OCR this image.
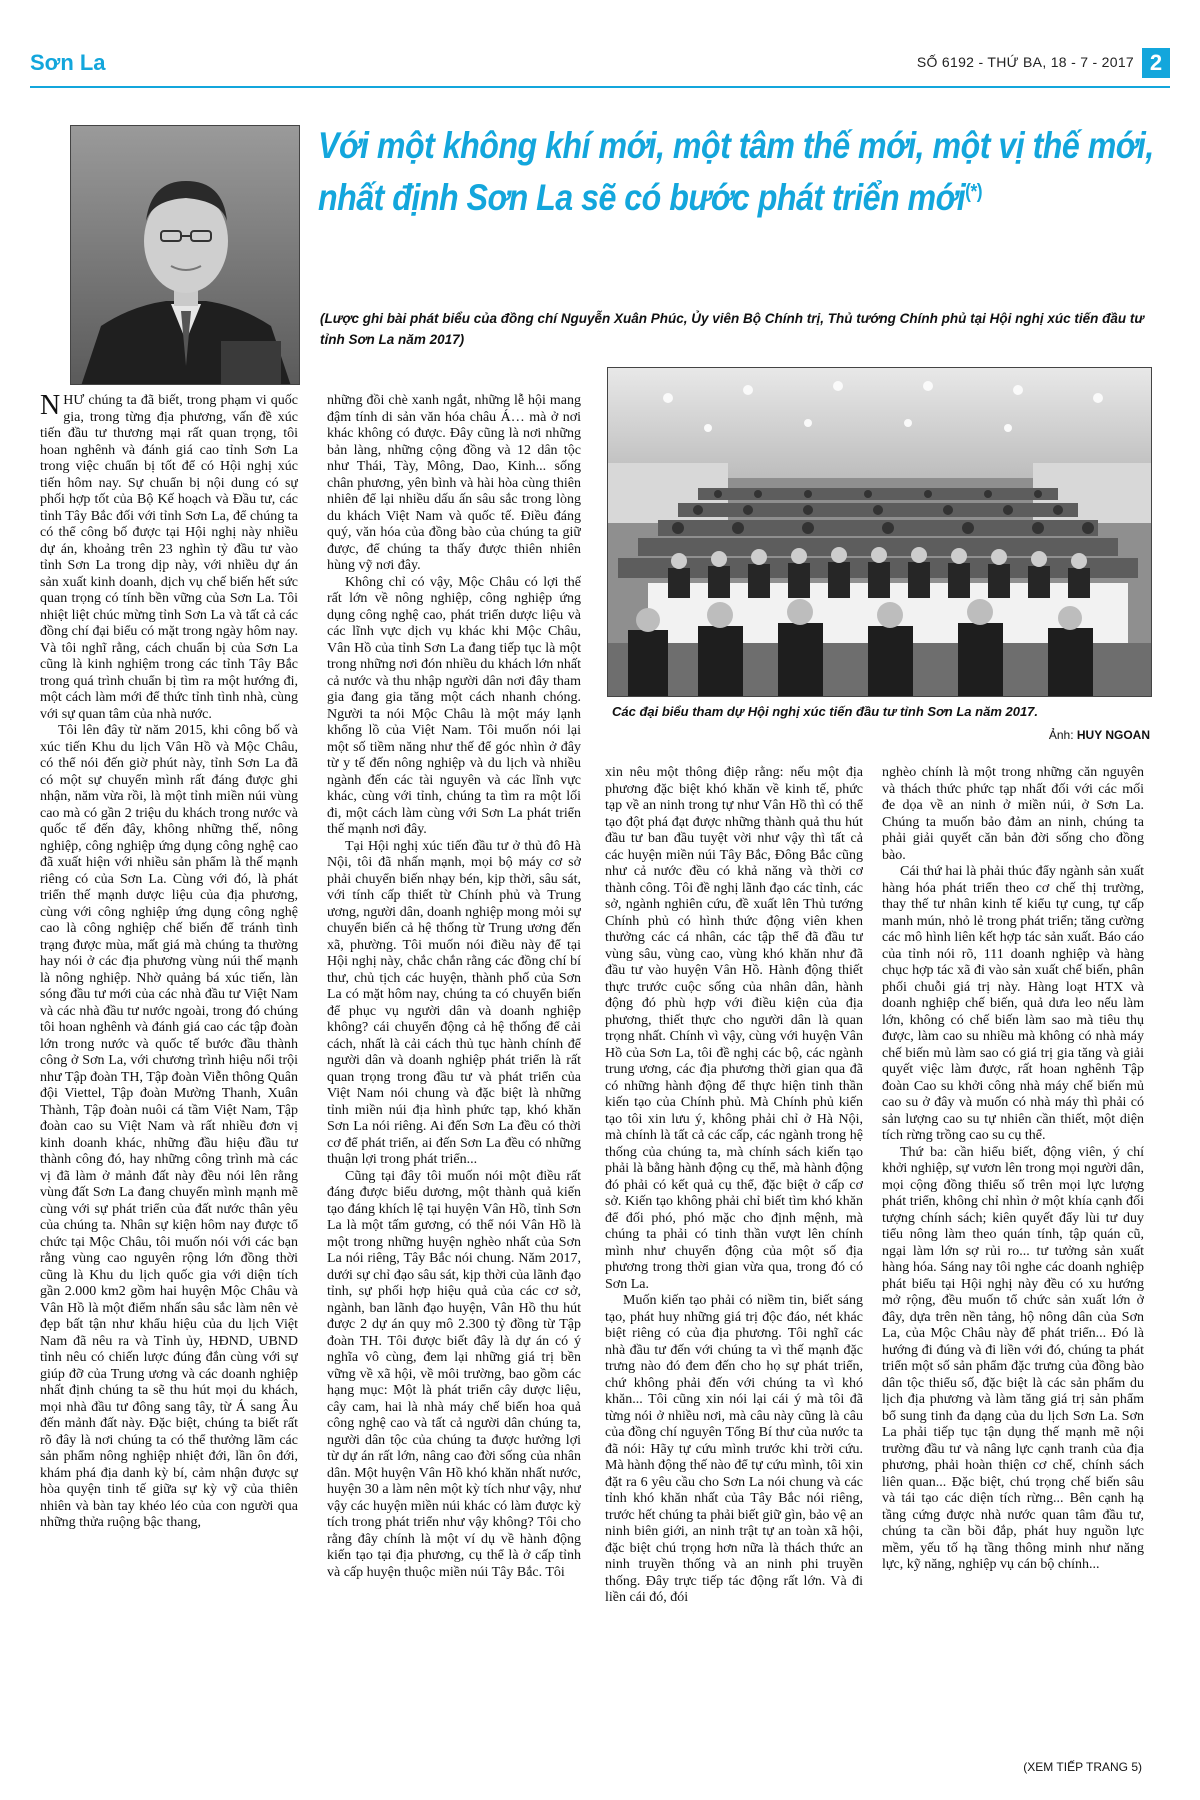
Sơn La	SỐ 6192 - THỨ BA, 18 - 7 - 2017 2
Với một không khí mới, một tâm thế mới, một vị thế mới,
nhất định Sơn La sẽ có bước phát triển mới(*)
(Lược ghi bài phát biểu của đồng chí Nguyễn Xuân Phúc, Ủy viên Bộ Chính trị, Thủ tướng Chính phủ tại Hội nghị xúc tiến đầu tư tỉnh Sơn La năm 2017)

NHƯ chúng ta đã biết, trong phạm vi quốc gia, trong từng địa phương, vấn đề xúc tiến đầu tư thương mại rất quan trọng, tôi hoan nghênh và đánh giá cao tỉnh Sơn La trong việc chuẩn bị tốt để có Hội nghị xúc tiến hôm nay. Sự chuẩn bị nội dung có sự phối hợp tốt của Bộ Kế hoạch và Đầu tư, các tỉnh Tây Bắc đối với tỉnh Sơn La, để chúng ta có thể công bố được tại Hội nghị này nhiều dự án, khoảng trên 23 nghìn tỷ đầu tư vào tỉnh Sơn La trong dịp này, với nhiều dự án sản xuất kinh doanh, dịch vụ chế biến hết sức quan trọng có tính bền vững của Sơn La. Tôi nhiệt liệt chúc mừng tỉnh Sơn La và tất cả các đồng chí đại biểu có mặt trong ngày hôm nay. Và tôi nghĩ rằng, cách chuẩn bị của Sơn La cũng là kinh nghiệm trong các tỉnh Tây Bắc trong quá trình chuẩn bị tìm ra một hướng đi, một cách làm mới để thức tỉnh tình nhà, cùng với sự quan tâm của nhà nước.

Tôi lên đây từ năm 2015, khi công bố và xúc tiến Khu du lịch Vân Hồ và Mộc Châu, có thể nói đến giờ phút này, tỉnh Sơn La đã có một sự chuyển mình rất đáng được ghi nhận, năm vừa rồi, là một tỉnh miền núi vùng cao mà có gần 2 triệu du khách trong nước và quốc tế đến đây, không những thế, nông nghiệp, công nghiệp ứng dụng công nghệ cao đã xuất hiện với nhiều sản phẩm là thế mạnh riêng có của Sơn La. Cùng với đó, là phát triển thế mạnh dược liệu của địa phương, cùng với công nghiệp ứng dụng công nghệ cao là công nghiệp chế biến để tránh tình trạng được mùa, mất giá mà chúng ta thường hay nói ở các địa phương vùng núi thế mạnh là nông nghiệp. Nhờ quảng bá xúc tiến, làn sóng đầu tư mới của các nhà đầu tư Việt Nam và các nhà đầu tư nước ngoài, trong đó chúng tôi hoan nghênh và đánh giá cao các tập đoàn lớn trong nước và quốc tế bước đầu thành công ở Sơn La, với chương trình hiệu nổi trội như Tập đoàn TH, Tập đoàn Viễn thông Quân đội Viettel, Tập đoàn Mường Thanh, Xuân Thành, Tập đoàn nuôi cá tầm Việt Nam, Tập đoàn cao su Việt Nam và rất nhiều đơn vị kinh doanh khác, những đầu hiệu đầu tư thành công đó, hay những công trình mà các vị đã làm ở mảnh đất này đều nói lên rằng vùng đất Sơn La đang chuyển mình mạnh mẽ cùng với sự phát triển của đất nước thân yêu của chúng ta. Nhân sự kiện hôm nay được tổ chức tại Mộc Châu, tôi muốn nói với các bạn rằng vùng cao nguyên rộng lớn đồng thời cũng là Khu du lịch quốc gia với diện tích gần 2.000 km2 gồm hai huyện Mộc Châu và Vân Hồ là một điểm nhấn sâu sắc làm nên vẻ đẹp bất tận như khẩu hiệu của du lịch Việt Nam đã nêu ra và Tỉnh ủy, HĐND, UBND tỉnh nêu có chiến lược đúng đắn cùng với sự giúp đỡ của Trung ương và các doanh nghiệp nhất định chúng ta sẽ thu hút mọi du khách, mọi nhà đầu tư đông sang tây, từ Á sang Âu đến mảnh đất này. Đặc biệt, chúng ta biết rất rõ đây là nơi chúng ta có thể thưởng lãm các sản phẩm nông nghiệp nhiệt đới, lần ôn đới, khám phá địa danh kỳ bí, cảm nhận được sự hòa quyện tinh tế giữa sự kỳ vỹ của thiên nhiên và bàn tay khéo léo của con người qua những thửa ruộng bậc thang,

những đồi chè xanh ngắt, những lễ hội mang đậm tính di sản văn hóa châu Á… mà ở nơi khác không có được. Đây cũng là nơi những bản làng, những cộng đồng và 12 dân tộc như Thái, Tày, Mông, Dao, Kinh... sống chân phương, yên bình và hài hòa cùng thiên nhiên để lại nhiều dấu ấn sâu sắc trong lòng du khách Việt Nam và quốc tế. Điều đáng quý, văn hóa của đồng bào của chúng ta giữ được, để chúng ta thấy được thiên nhiên hùng vỹ nơi đây.

Không chỉ có vậy, Mộc Châu có lợi thế rất lớn về nông nghiệp, công nghiệp ứng dụng công nghệ cao, phát triển dược liệu và các lĩnh vực dịch vụ khác khi Mộc Châu, Vân Hồ của tỉnh Sơn La đang tiếp tục là một trong những nơi đón nhiều du khách lớn nhất cả nước và thu nhập người dân nơi đây tham gia đang gia tăng một cách nhanh chóng. Người ta nói Mộc Châu là một máy lạnh khổng lồ của Việt Nam. Tôi muốn nói lại một số tiềm năng như thế để góc nhìn ở đây từ y tế đến nông nghiệp và du lịch và nhiều ngành đến các tài nguyên và các lĩnh vực khác, cùng với tỉnh, chúng ta tìm ra một lối đi, một cách làm cùng với Sơn La phát triển thế mạnh nơi đây.

Tại Hội nghị xúc tiến đầu tư ở thủ đô Hà Nội, tôi đã nhấn mạnh, mọi bộ máy cơ sở phải chuyển biến nhạy bén, kịp thời, sâu sát, với tính cấp thiết từ Chính phủ và Trung ương, người dân, doanh nghiệp mong mỏi sự chuyển biến cả hệ thống từ Trung ương đến xã, phường. Tôi muốn nói điều này để tại Hội nghị này, chắc chắn rằng các đồng chí bí thư, chủ tịch các huyện, thành phố của Sơn La có mặt hôm nay, chúng ta có chuyển biến để phục vụ người dân và doanh nghiệp không? cái chuyển động cả hệ thống để cải cách, nhất là cải cách thủ tục hành chính để người dân và doanh nghiệp phát triển là rất quan trọng trong đầu tư và phát triển của Việt Nam nói chung và đặc biệt là những tỉnh miền núi địa hình phức tạp, khó khăn Sơn La nói riêng. Ai đến Sơn La đều có thời cơ để phát triển, ai đến Sơn La đều có những thuận lợi trong phát triển...

Cũng tại đây tôi muốn nói một điều rất đáng được biểu dương, một thành quả kiến tạo đáng khích lệ tại huyện Vân Hồ, tỉnh Sơn La là một tấm gương, có thể nói Vân Hồ là một trong những huyện nghèo nhất của Sơn La nói riêng, Tây Bắc nói chung. Năm 2017, dưới sự chỉ đạo sâu sát, kịp thời của lãnh đạo tỉnh, sự phối hợp hiệu quả của các cơ sở, ngành, ban lãnh đạo huyện, Vân Hồ thu hút được 2 dự án quy mô 2.300 tỷ đồng từ Tập đoàn TH. Tôi được biết đây là dự án có ý nghĩa vô cùng, đem lại những giá trị bền vững về xã hội, về môi trường, bao gồm các hạng mục: Một là phát triển cây dược liệu, cây cam, hai là nhà máy chế biến hoa quả công nghệ cao và tất cả người dân chúng ta, người dân tộc của chúng ta được hưởng lợi từ dự án rất lớn, nâng cao đời sống của nhân dân. Một huyện Vân Hồ khó khăn nhất nước, huyện 30 a làm nên một kỳ tích như vậy, như vậy các huyện miền núi khác có làm được kỳ tích trong phát triển như vậy không? Tôi cho rằng đây chính là một ví dụ về hành động kiến tạo tại địa phương, cụ thể là ở cấp tỉnh và cấp huyện thuộc miền núi Tây Bắc. Tôi

Các đại biểu tham dự Hội nghị xúc tiến đầu tư tỉnh Sơn La năm 2017.
Ảnh: HUY NGOAN

xin nêu một thông điệp rằng: nếu một địa phương đặc biệt khó khăn về kinh tế, phức tạp về an ninh trong tự như Vân Hồ thì có thể tạo đột phá đạt được những thành quả thu hút đầu tư ban đầu tuyệt vời như vậy thì tất cả các huyện miền núi Tây Bắc, Đông Bắc cũng như cả nước đều có khả năng và thời cơ thành công. Tôi đề nghị lãnh đạo các tỉnh, các sở, ngành nghiên cứu, đề xuất lên Thủ tướng Chính phủ có hình thức động viên khen thưởng các cá nhân, các tập thể đã đầu tư vùng sâu, vùng cao, vùng khó khăn như đã đầu tư vào huyện Vân Hồ. Hành động thiết thực trước cuộc sống của nhân dân, hành động đó phù hợp với điều kiện của địa phương, thiết thực cho người dân là quan trọng nhất. Chính vì vậy, cùng với huyện Vân Hồ của Sơn La, tôi đề nghị các bộ, các ngành trung ương, các địa phương thời gian qua đã có những hành động để thực hiện tinh thần kiến tạo của Chính phủ. Mà Chính phủ kiến tạo tôi xin lưu ý, không phải chỉ ở Hà Nội, mà chính là tất cả các cấp, các ngành trong hệ thống của chúng ta, mà chính sách kiến tạo phải là bằng hành động cụ thể, mà hành động đó phải có kết quả cụ thể, đặc biệt ở cấp cơ sở. Kiến tạo không phải chỉ biết tìm khó khăn để đối phó, phó mặc cho định mệnh, mà chúng ta phải có tinh thần vượt lên chính mình như chuyển động của một số địa phương trong thời gian vừa qua, trong đó có Sơn La.

Muốn kiến tạo phải có niềm tin, biết sáng tạo, phát huy những giá trị độc đáo, nét khác biệt riêng có của địa phương. Tôi nghĩ các nhà đầu tư đến với chúng ta vì thế mạnh đặc trưng nào đó đem đến cho họ sự phát triển, chứ không phải đến với chúng ta vì khó khăn... Tôi cũng xin nói lại cái ý mà tôi đã từng nói ở nhiều nơi, mà câu này cũng là câu của đồng chí nguyên Tổng Bí thư của nước ta đã nói: Hãy tự cứu mình trước khi trời cứu. Mà hành động thế nào để tự cứu mình, tôi xin đặt ra 6 yêu cầu cho Sơn La nói chung và các tỉnh khó khăn nhất của Tây Bắc nói riêng, trước hết chúng ta phải biết giữ gìn, bảo vệ an ninh biên giới, an ninh trật tự an toàn xã hội, đặc biệt chú trọng hơn nữa là thách thức an ninh truyền thống và an ninh phi truyền thống. Đây trực tiếp tác động rất lớn. Và đi liền cái đó, đói

nghèo chính là một trong những căn nguyên và thách thức phức tạp nhất đối với các mối đe dọa về an ninh ở miền núi, ở Sơn La. Chúng ta muốn bảo đảm an ninh, chúng ta phải giải quyết căn bản đời sống cho đồng bào.

Cái thứ hai là phải thúc đẩy ngành sản xuất hàng hóa phát triển theo cơ chế thị trường, thay thế tư nhân kinh tế kiểu tự cung, tự cấp manh mún, nhỏ lẻ trong phát triển; tăng cường các mô hình liên kết hợp tác sản xuất. Báo cáo của tỉnh nói rõ, 111 doanh nghiệp và hàng chục hợp tác xã đi vào sản xuất chế biến, phân phối chuỗi giá trị này. Hàng loạt HTX và doanh nghiệp chế biến, quả dưa leo nếu làm lớn, không có chế biến làm sao mà tiêu thụ được, làm cao su nhiều mà không có nhà máy chế biến mủ làm sao có giá trị gia tăng và giải quyết việc làm được, rất hoan nghênh Tập đoàn Cao su khởi công nhà máy chế biến mủ cao su ở đây và muốn có nhà máy thì phải có sản lượng cao su tự nhiên cần thiết, một diện tích rừng trồng cao su cụ thể.

Thứ ba: cần hiểu biết, động viên, ý chí khởi nghiệp, sự vươn lên trong mọi người dân, mọi cộng đồng thiểu số trên mọi lực lượng phát triển, không chỉ nhìn ở một khía cạnh đối tượng chính sách; kiên quyết đẩy lùi tư duy tiểu nông làm theo quán tính, tập quán cũ, ngại làm lớn sợ rủi ro... tư tưởng sản xuất hàng hóa. Sáng nay tôi nghe các doanh nghiệp phát biểu tại Hội nghị này đều có xu hướng mở rộng, đều muốn tổ chức sản xuất lớn ở đây, dựa trên nền tảng, hộ nông dân của Sơn La, của Mộc Châu này để phát triển... Đó là hướng đi đúng và đi liền với đó, chúng ta phát triển một số sản phẩm đặc trưng của đồng bào dân tộc thiểu số, đặc biệt là các sản phẩm du lịch địa phương và làm tăng giá trị sản phẩm bổ sung tinh đa dạng của du lịch Sơn La. Sơn La phải tiếp tục tận dụng thế mạnh mẽ nội trường đầu tư và nâng lực cạnh tranh của địa phương, phải hoàn thiện cơ chế, chính sách liên quan... Đặc biệt, chú trọng chế biến sâu và tái tạo các diện tích rừng... Bên cạnh hạ tầng cứng được nhà nước quan tâm đầu tư, chúng ta cần bồi đắp, phát huy nguồn lực mềm, yếu tố hạ tầng thông minh như năng lực, kỹ năng, nghiệp vụ cán bộ chính...

(XEM TIẾP TRANG 5)
